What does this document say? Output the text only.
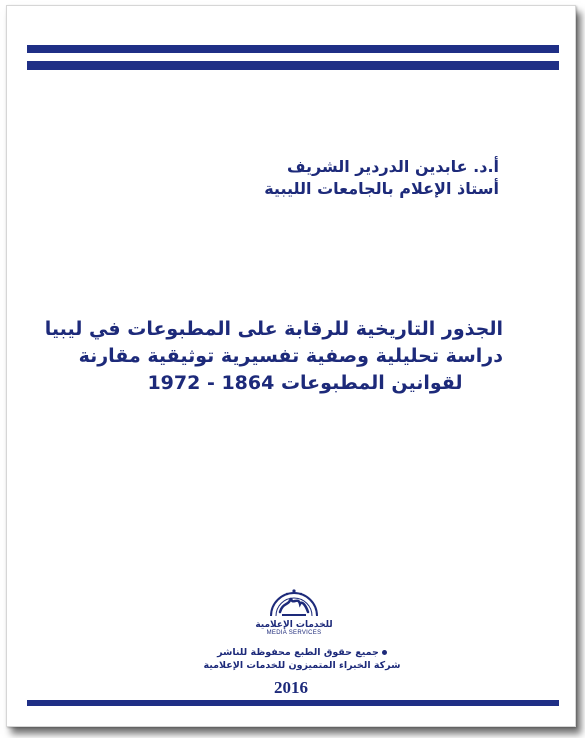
أ.د. عابدين الدردير الشريف
أستاذ الإعلام بالجامعات الليبية
الجذور التاريخية للرقابة على المطبوعات في ليبيا
دراسة تحليلية وصفية تفسيرية توثيقية مقارنة
لقوانين المطبوعات 1864 - 1972
للخدمات الإعلامية
MEDIA SERVICES
جميع حقوق الطبع محفوظة للناشر
شركة الخبراء المتميزون للخدمات الإعلامية
2016
